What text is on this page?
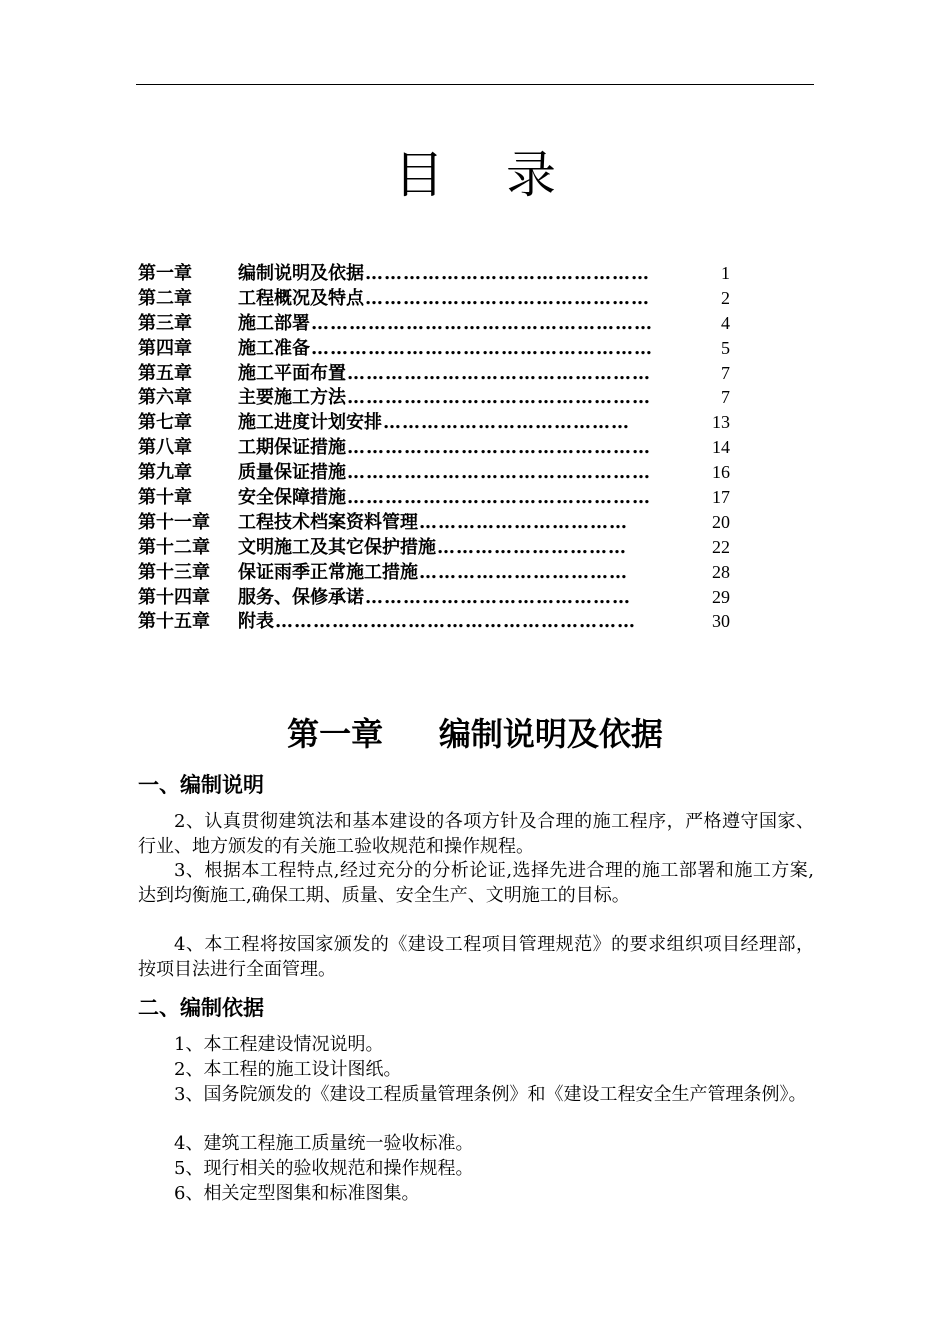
目录
第一章	编制说明及依据 ………………………………………	1
第二章	工程概况及特点 ………………………………………	2
第三章	施工部署 ………………………………………………	4
第四章	施工准备 ………………………………………………	5
第五章	施工平面布置 …………………………………………	7
第六章	主要施工方法 …………………………………………	7
第七章	施工进度计划安排 …………………………………	13
第八章	工期保证措施 …………………………………………	14
第九章	质量保证措施 …………………………………………	16
第十章	安全保障措施 …………………………………………	17
第十一章	工程技术档案资料管理 ……………………………	20
第十二章	文明施工及其它保护措施 …………………………	22
第十三章	保证雨季正常施工措施 ……………………………	28
第十四章	服务、保修承诺 ……………………………………	29
第十五章	附表 …………………………………………………	30
第一章     编制说明及依据
一、编制说明

2、认真贯彻建筑法和基本建设的各项方针及合理的施工程序，严格遵守国家、行业、地方颁发的有关施工验收规范和操作规程。

3、根据本工程特点,经过充分的分析论证,选择先进合理的施工部署和施工方案,达到均衡施工,确保工期、质量、安全生产、文明施工的目标。

4、本工程将按国家颁发的《建设工程项目管理规范》的要求组织项目经理部，按项目法进行全面管理。

二、编制依据

1、本工程建设情况说明。

2、本工程的施工设计图纸。

3、国务院颁发的《建设工程质量管理条例》和《建设工程安全生产管理条例》。

4、建筑工程施工质量统一验收标准。

5、现行相关的验收规范和操作规程。

6、相关定型图集和标准图集。
